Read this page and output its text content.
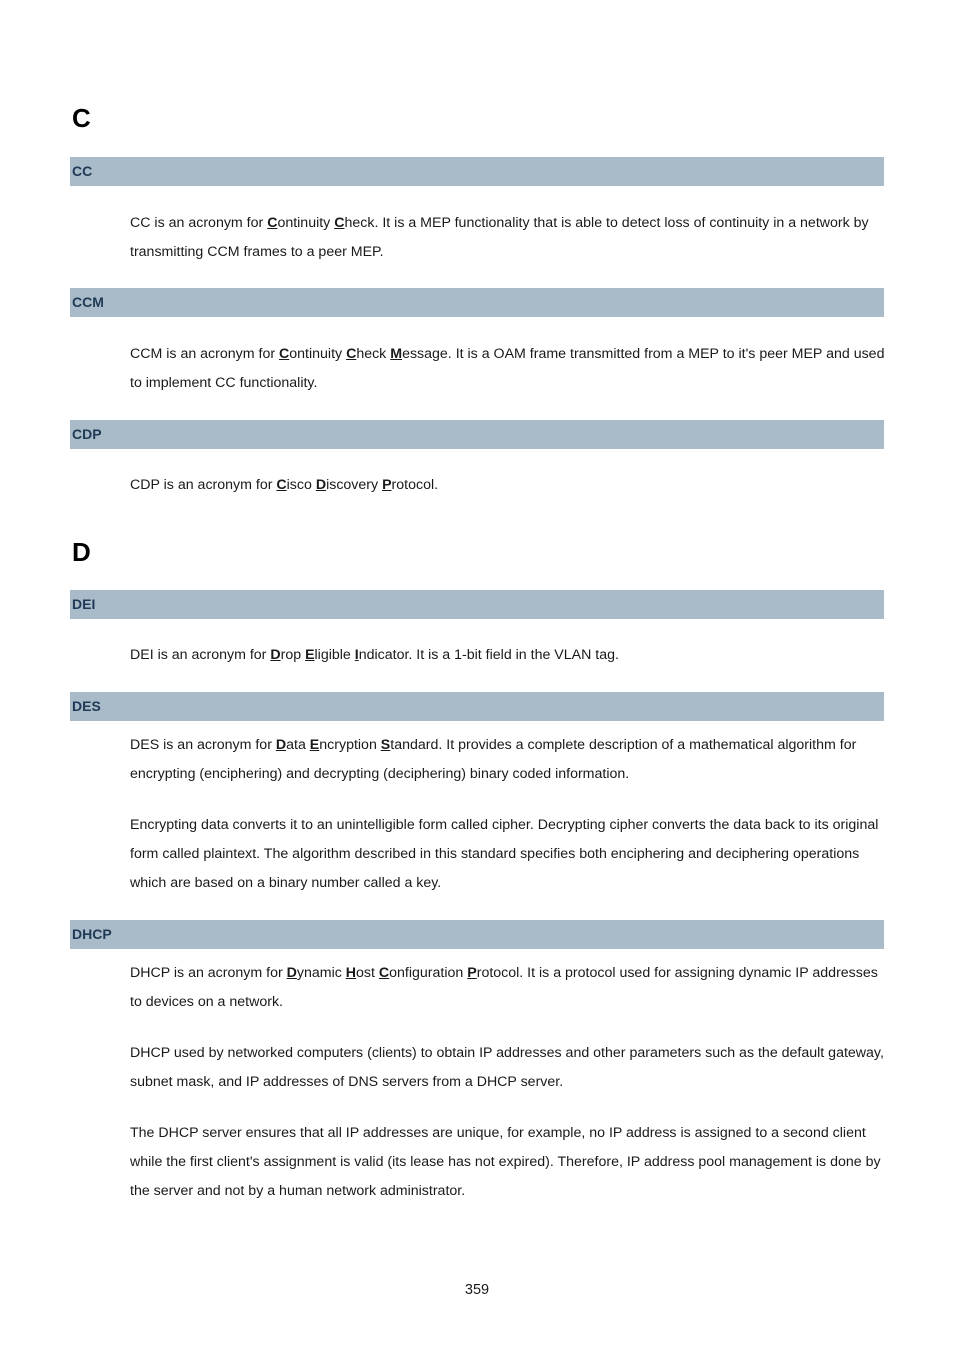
C
CC
CC is an acronym for Continuity Check. It is a MEP functionality that is able to detect loss of continuity in a network by transmitting CCM frames to a peer MEP.
CCM
CCM is an acronym for Continuity Check Message. It is a OAM frame transmitted from a MEP to it's peer MEP and used to implement CC functionality.
CDP
CDP is an acronym for Cisco Discovery Protocol.
D
DEI
DEI is an acronym for Drop Eligible Indicator. It is a 1-bit field in the VLAN tag.
DES
DES is an acronym for Data Encryption Standard. It provides a complete description of a mathematical algorithm for encrypting (enciphering) and decrypting (deciphering) binary coded information.
Encrypting data converts it to an unintelligible form called cipher. Decrypting cipher converts the data back to its original form called plaintext. The algorithm described in this standard specifies both enciphering and deciphering operations which are based on a binary number called a key.
DHCP
DHCP is an acronym for Dynamic Host Configuration Protocol. It is a protocol used for assigning dynamic IP addresses to devices on a network.
DHCP used by networked computers (clients) to obtain IP addresses and other parameters such as the default gateway, subnet mask, and IP addresses of DNS servers from a DHCP server.
The DHCP server ensures that all IP addresses are unique, for example, no IP address is assigned to a second client while the first client's assignment is valid (its lease has not expired). Therefore, IP address pool management is done by the server and not by a human network administrator.
359
